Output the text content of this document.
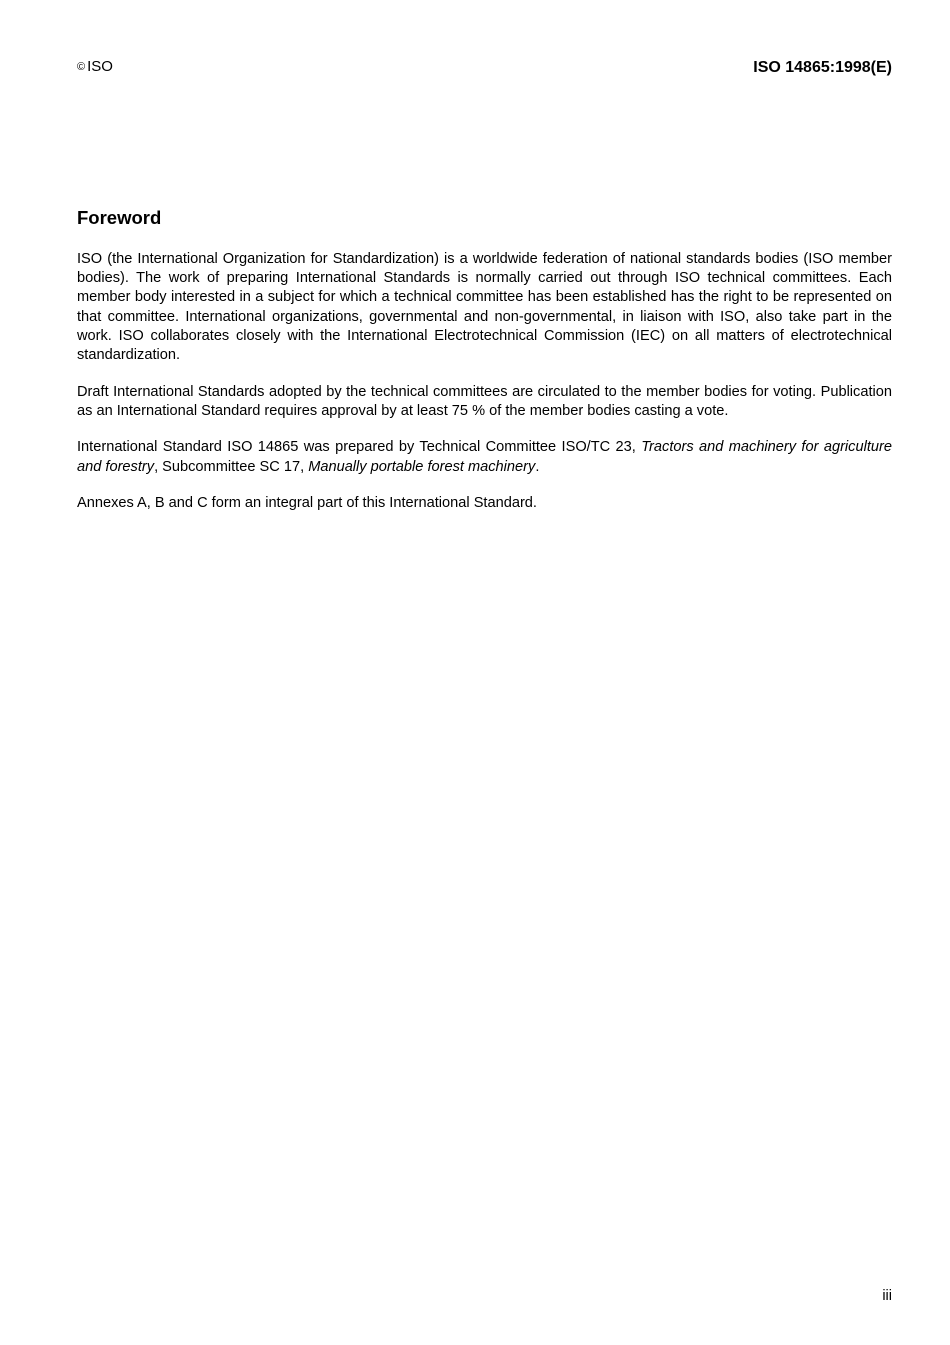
© ISO	ISO 14865:1998(E)
Foreword

ISO (the International Organization for Standardization) is a worldwide federation of national standards bodies (ISO member bodies). The work of preparing International Standards is normally carried out through ISO technical committees. Each member body interested in a subject for which a technical committee has been established has the right to be represented on that committee. International organizations, governmental and non-governmental, in liaison with ISO, also take part in the work. ISO collaborates closely with the International Electrotechnical Commission (IEC) on all matters of electrotechnical standardization.

Draft International Standards adopted by the technical committees are circulated to the member bodies for voting. Publication as an International Standard requires approval by at least 75 % of the member bodies casting a vote.

International Standard ISO 14865 was prepared by Technical Committee ISO/TC 23, Tractors and machinery for agriculture and forestry, Subcommittee SC 17, Manually portable forest machinery.

Annexes A, B and C form an integral part of this International Standard.

iii
